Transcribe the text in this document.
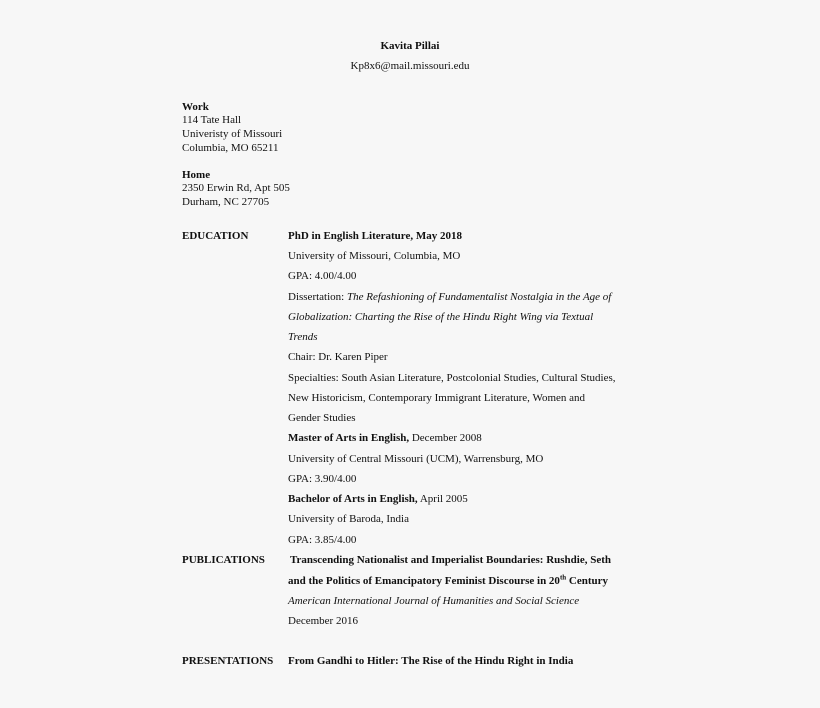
Kavita Pillai
Kp8x6@mail.missouri.edu
Work
114 Tate Hall
Univeristy of Missouri
Columbia, MO 65211
Home
2350 Erwin Rd, Apt 505
Durham, NC 27705
EDUCATION	PhD in English Literature, May 2018
University of Missouri, Columbia, MO
GPA: 4.00/4.00
Dissertation: The Refashioning of Fundamentalist Nostalgia in the Age of
Globalization: Charting the Rise of the Hindu Right Wing via Textual
Trends
Chair: Dr. Karen Piper
Specialties: South Asian Literature, Postcolonial Studies, Cultural Studies,
New Historicism, Contemporary Immigrant Literature, Women and
Gender Studies
Master of Arts in English, December 2008
University of Central Missouri (UCM), Warrensburg, MO
GPA: 3.90/4.00
Bachelor of Arts in English, April 2005
University of Baroda, India
GPA: 3.85/4.00
PUBLICATIONS Transcending Nationalist and Imperialist Boundaries: Rushdie, Seth
and the Politics of Emancipatory Feminist Discourse in 20th Century
American International Journal of Humanities and Social Science
December 2016
PRESENTATIONS From Gandhi to Hitler: The Rise of the Hindu Right in India
